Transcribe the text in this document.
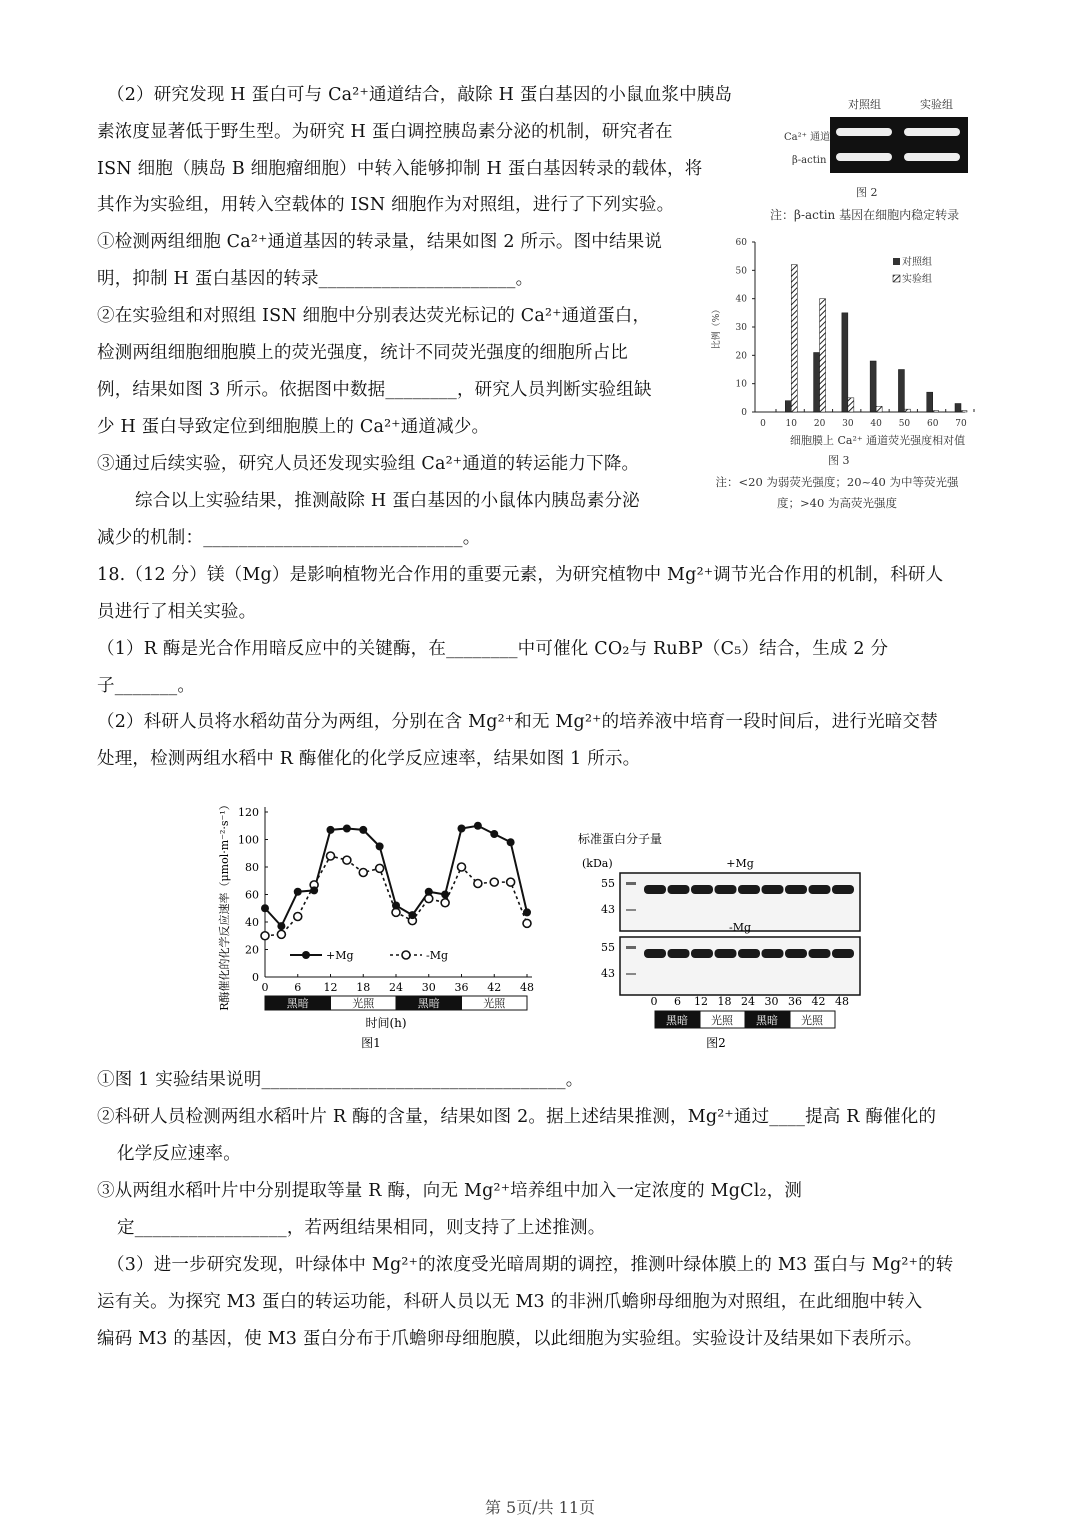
（2）研究发现 H 蛋白可与 Ca²⁺通道结合，敲除 H 蛋白基因的小鼠血浆中胰岛
素浓度显著低于野生型。为研究 H 蛋白调控胰岛素分泌的机制，研究者在
ISN 细胞（胰岛 B 细胞瘤细胞）中转入能够抑制 H 蛋白基因转录的载体，将
其作为实验组，用转入空载体的 ISN 细胞作为对照组，进行了下列实验。
①检测两组细胞 Ca²⁺通道基因的转录量，结果如图 2 所示。图中结果说
明，抑制 H 蛋白基因的转录______________________。
②在实验组和对照组 ISN 细胞中分别表达荧光标记的 Ca²⁺通道蛋白，
检测两组细胞细胞膜上的荧光强度，统计不同荧光强度的细胞所占比
例，结果如图 3 所示。依据图中数据________，研究人员判断实验组缺
少 H 蛋白导致定位到细胞膜上的 Ca²⁺通道减少。
③通过后续实验，研究人员还发现实验组 Ca²⁺通道的转运能力下降。
综合以上实验结果，推测敲除 H 蛋白基因的小鼠体内胰岛素分泌
减少的机制：_____________________________。
18.（12 分）镁（Mg）是影响植物光合作用的重要元素，为研究植物中 Mg²⁺调节光合作用的机制，科研人
员进行了相关实验。
（1）R 酶是光合作用暗反应中的关键酶，在________中可催化 CO₂与 RuBP（C₅）结合，生成 2 分
子_______。
（2）科研人员将水稻幼苗分为两组，分别在含 Mg²⁺和无 Mg²⁺的培养液中培育一段时间后，进行光暗交替
处理，检测两组水稻中 R 酶催化的化学反应速率，结果如图 1 所示。
①图 1 实验结果说明__________________________________。
②科研人员检测两组水稻叶片 R 酶的含量，结果如图 2。据上述结果推测，Mg²⁺通过____提高 R 酶催化的
化学反应速率。
③从两组水稻叶片中分别提取等量 R 酶，向无 Mg²⁺培养组中加入一定浓度的 MgCl₂，测
定_________________，若两组结果相同，则支持了上述推测。
（3）进一步研究发现，叶绿体中 Mg²⁺的浓度受光暗周期的调控，推测叶绿体膜上的 M3 蛋白与 Mg²⁺的转
运有关。为探究 M3 蛋白的转运功能，科研人员以无 M3 的非洲爪蟾卵母细胞为对照组，在此细胞中转入
编码 M3 的基因，使 M3 蛋白分布于爪蟾卵母细胞膜，以此细胞为实验组。实验设计及结果如下表所示。
对照组	实验组
Ca²⁺ 通道
β-actin
图 2
注：β-actin 基因在细胞内稳定转录
0
10
20
30
40
50
60
0 10 20 30 40 50 60 70
比例（%）
对照组
实验组
细胞膜上 Ca²⁺ 通道荧光强度相对值
图 3
注：<20 为弱荧光强度；20~40 为中等荧光强度；>40 为高荧光强度
0
20
40
60
80
100
120
0 6 12 18 24 30 36 42 48
R酶催化的化学反应速率（μmol·m⁻²·s⁻¹）	+Mg	-Mg
黑暗	光照	黑暗	光照
时间(h)
图1
标准蛋白分子量
(kDa)	+Mg
55
43
-Mg
55
43
0 6 12 18 24 30 36 42 48
黑暗 光照 黑暗 光照
图2
第 5页/共 11页
